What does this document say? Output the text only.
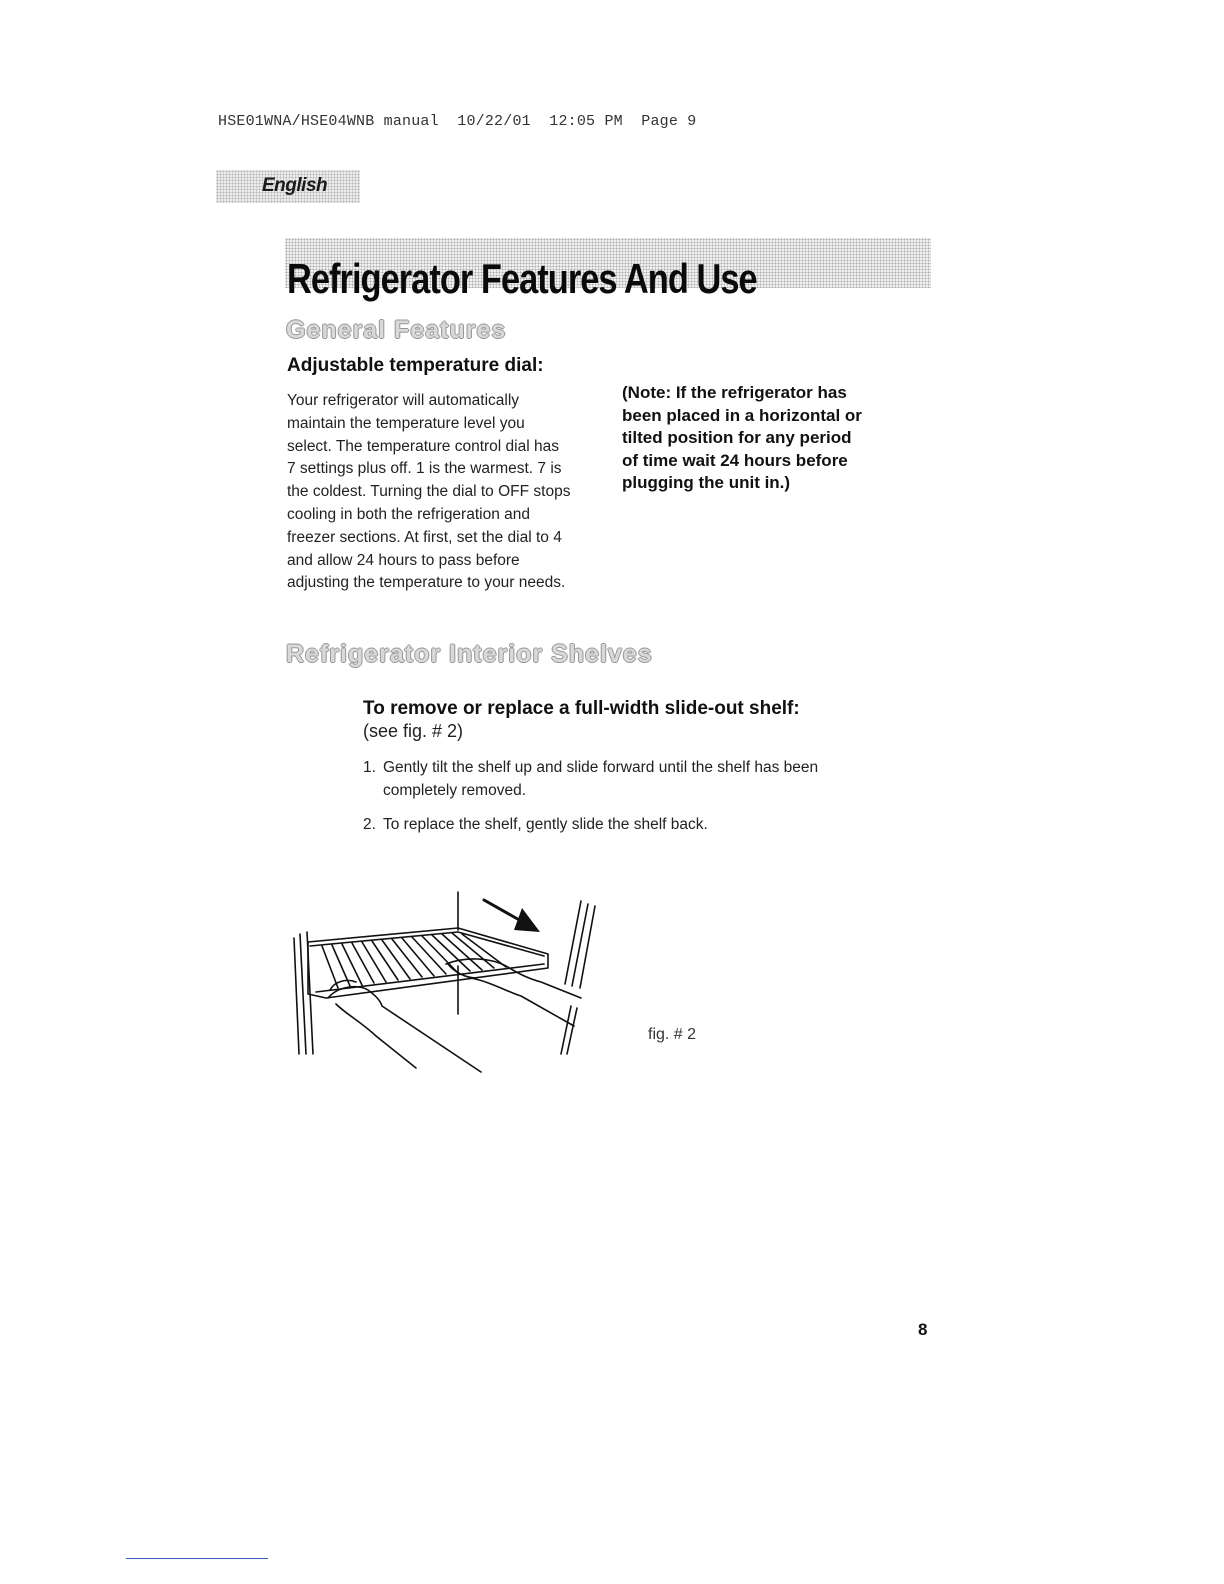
HSE01WNA/HSE04WNB manual  10/22/01  12:05 PM  Page 9
English
Refrigerator Features And Use
General Features
Adjustable temperature dial:

Your refrigerator will automatically

maintain the temperature level you

select. The temperature control dial has

7 settings plus off. 1 is the warmest. 7 is

the coldest. Turning the dial to OFF stops

cooling in both the refrigeration and

freezer sections. At first, set the dial to 4

and allow 24 hours to pass before

adjusting the temperature to your needs.

(Note: If the refrigerator has

been placed in a horizontal or

tilted position for any period

of time wait 24 hours before

plugging the unit in.)

Refrigerator Interior Shelves
To remove or replace a full-width slide-out shelf:
(see fig. # 2)

1. Gently tilt the shelf up and slide forward until the shelf has been
completely removed.

2. To replace the shelf, gently slide the shelf back.

fig. # 2
8
